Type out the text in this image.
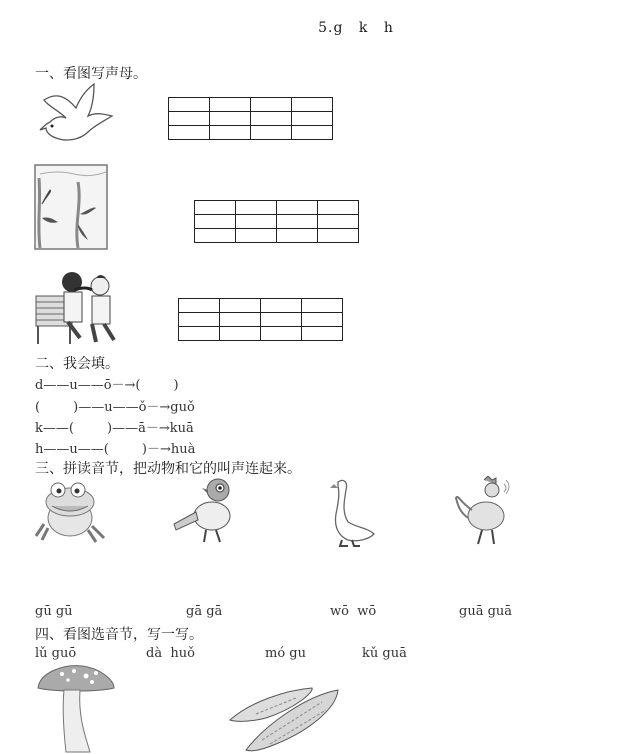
5.g k h
一、看图写声母。

二、我会填。
d——u——ō－→(        )
(        )——u——ǒ－→guǒ
k——(        )——ā－→kuā
h——u——(        )－→huà
三、拼读音节，把动物和它的叫声连起来。
gū gū	gā gā	wō  wō	guā guā
四、看图选音节，写一写。
lǔ guō	dà  huǒ	mó gu	kǔ guā
